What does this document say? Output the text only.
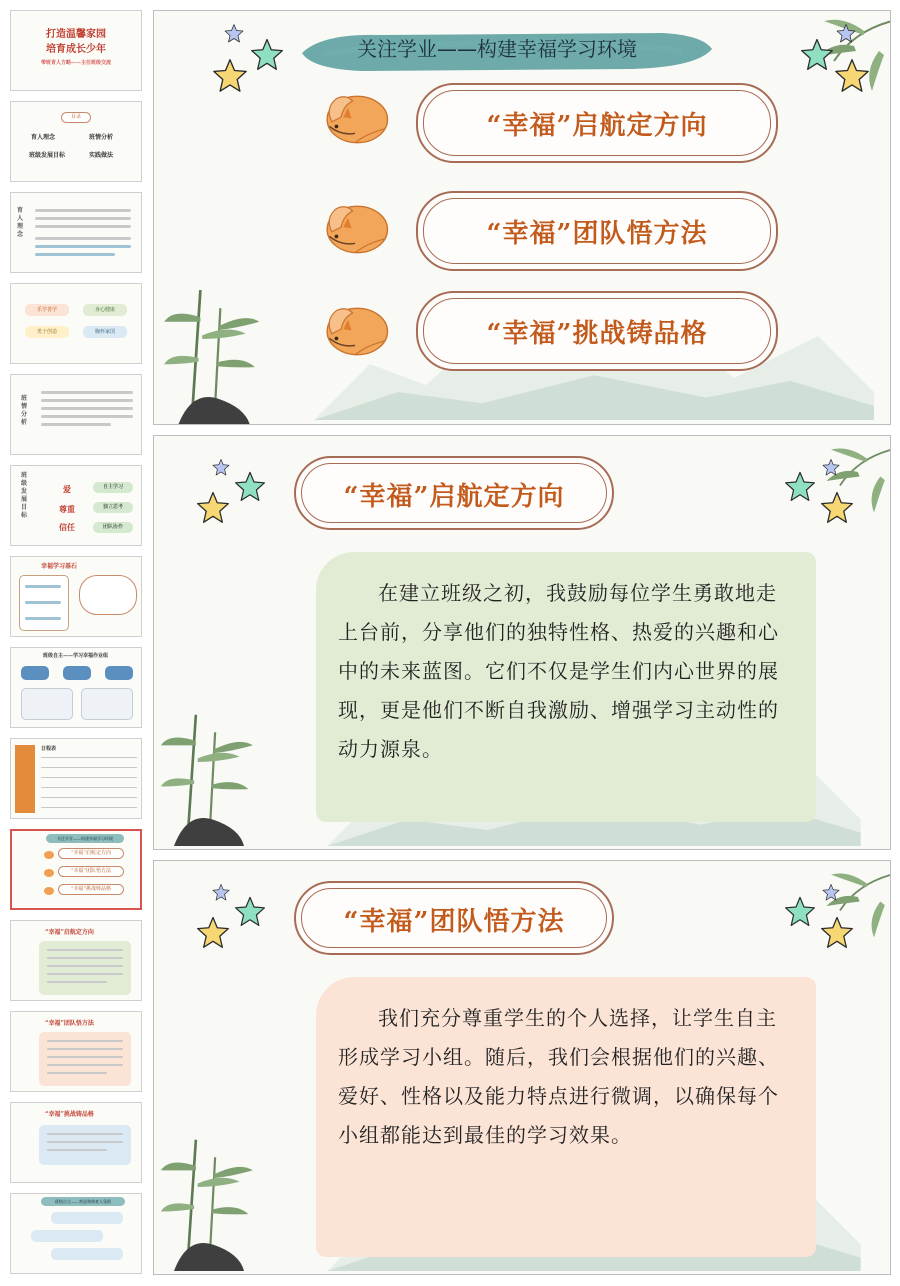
打造温馨家园
培育成长少年
带班育人方略——主任班级交流
目录
育人理念	班情分析
班级发展目标	实践做法
育人理念
乐学善学	身心健康
勇于创造	胸怀家国
班情分析
班级发展目标
爱
尊重
信任
自主学习
独立思考
团队协作
幸福学习基石
班级自主——学习幸福作业组
日程表
关注学业——构建幸福学习环境
“幸福”启航定方向
“幸福”团队悟方法
“幸福”挑战铸品格
“幸福”启航定方向
“幸福”团队悟方法
“幸福”挑战铸品格
班级自主——营造和谐育人氛围
关注学业——构建幸福学习环境
“幸福”启航定方向
“幸福”团队悟方法
“幸福”挑战铸品格
“幸福”启航定方向

在建立班级之初，我鼓励每位学生勇敢地走上台前，分享他们的独特性格、热爱的兴趣和心中的未来蓝图。它们不仅是学生们内心世界的展现，更是他们不断自我激励、增强学习主动性的动力源泉。

“幸福”团队悟方法

我们充分尊重学生的个人选择，让学生自主形成学习小组。随后，我们会根据他们的兴趣、爱好、性格以及能力特点进行微调，以确保每个小组都能达到最佳的学习效果。
